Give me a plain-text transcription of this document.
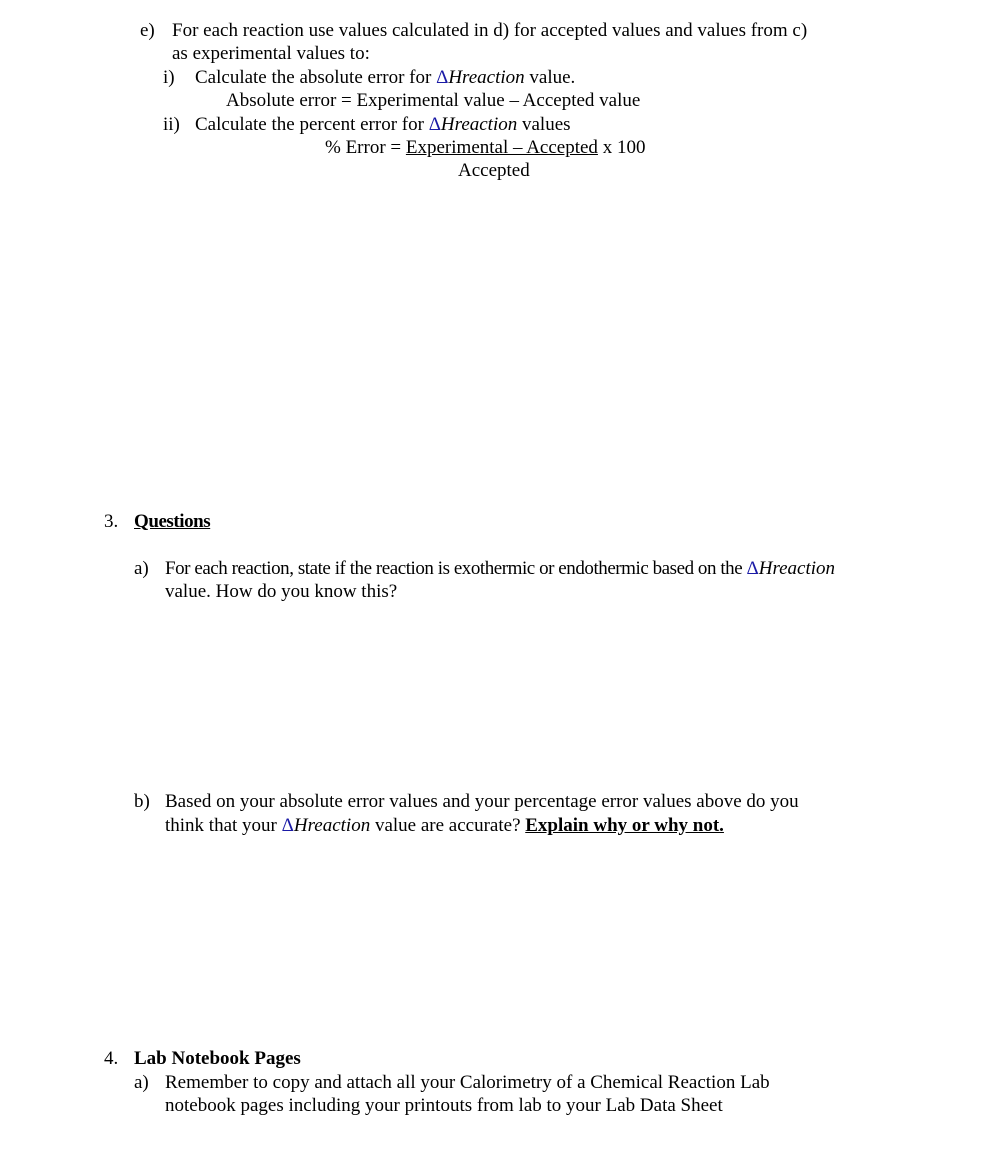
e) For each reaction use values calculated in d) for accepted values and values from c)
as experimental values to:
i) Calculate the absolute error for ΔHreaction value.
Absolute error = Experimental value – Accepted value
ii) Calculate the percent error for ΔHreaction values
% Error = Experimental – Accepted x 100
Accepted
3. Questions
a) For each reaction, state if the reaction is exothermic or endothermic based on the ΔHreaction
value. How do you know this?
b) Based on your absolute error values and your percentage error values above do you
think that your ΔHreaction value are accurate? Explain why or why not.
4. Lab Notebook Pages
a) Remember to copy and attach all your Calorimetry of a Chemical Reaction Lab
notebook pages including your printouts from lab to your Lab Data Sheet
